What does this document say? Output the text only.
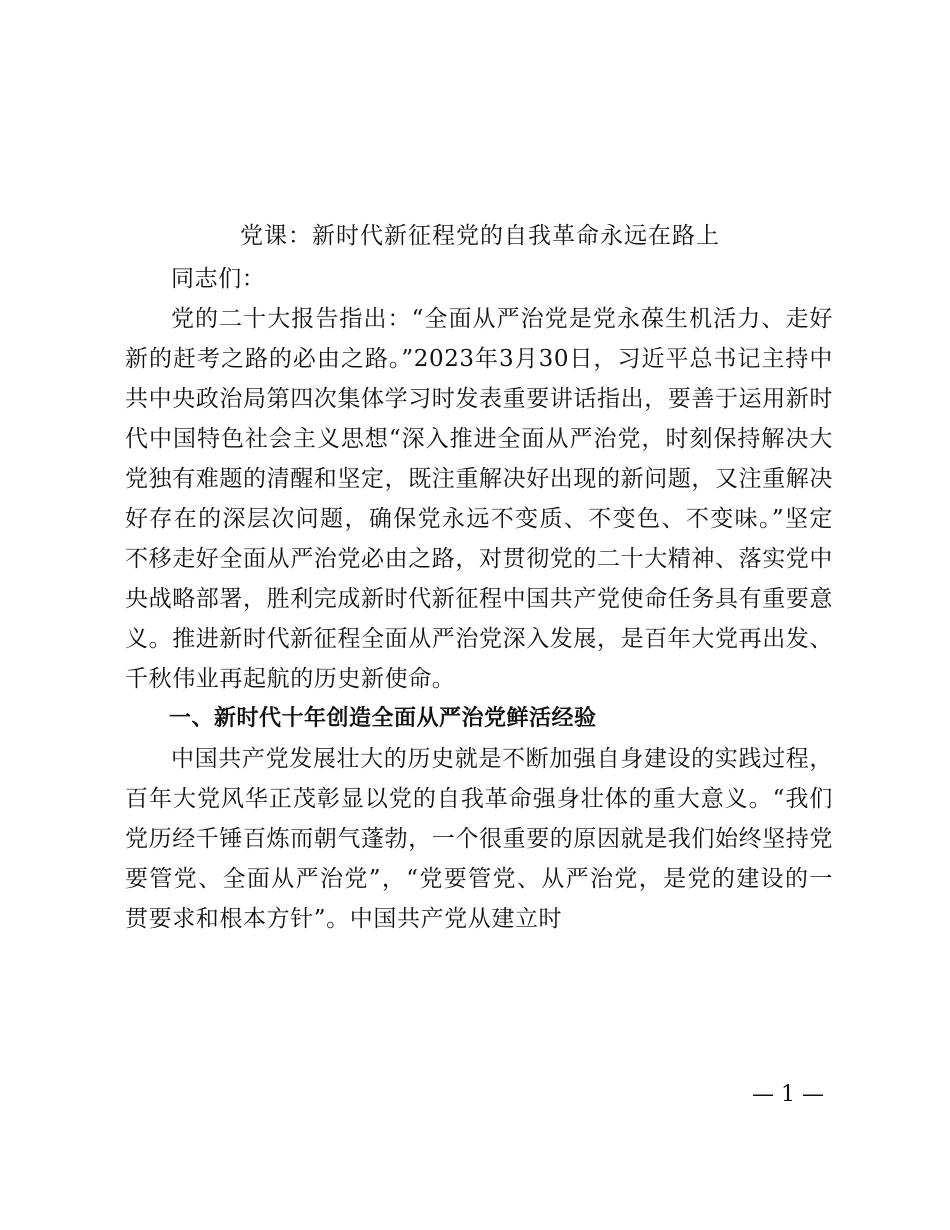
党课：新时代新征程党的自我革命永远在路上

同志们：

党的二十大报告指出：“全面从严治党是党永葆生机活力、走好新的赶考之路的必由之路。”2023年3月30日，习近平总书记主持中共中央政治局第四次集体学习时发表重要讲话指出，要善于运用新时代中国特色社会主义思想“深入推进全面从严治党，时刻保持解决大党独有难题的清醒和坚定，既注重解决好出现的新问题，又注重解决好存在的深层次问题，确保党永远不变质、不变色、不变味。”坚定不移走好全面从严治党必由之路，对贯彻党的二十大精神、落实党中央战略部署，胜利完成新时代新征程中国共产党使命任务具有重要意义。推进新时代新征程全面从严治党深入发展，是百年大党再出发、千秋伟业再起航的历史新使命。

一、新时代十年创造全面从严治党鲜活经验

中国共产党发展壮大的历史就是不断加强自身建设的实践过程，百年大党风华正茂彰显以党的自我革命强身壮体的重大意义。“我们党历经千锤百炼而朝气蓬勃，一个很重要的原因就是我们始终坚持党要管党、全面从严治党”，“党要管党、从严治党，是党的建设的一贯要求和根本方针”。中国共产党从建立时

— 1 —
